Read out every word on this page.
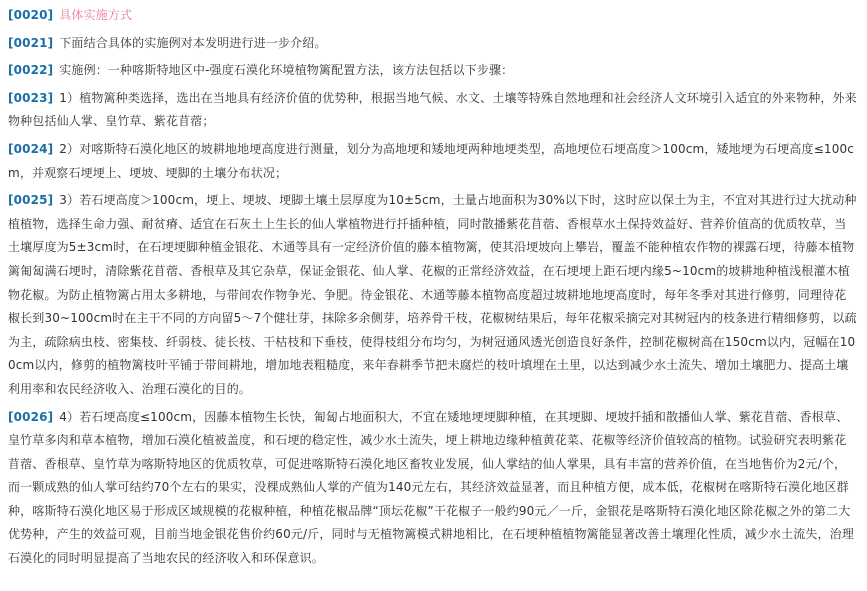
[0020] 具体实施方式

[0021] 下面结合具体的实施例对本发明进行进一步介绍。

[0022] 实施例：一种喀斯特地区中-强度石漠化环境植物篱配置方法，该方法包括以下步骤：

[0023] 1）植物篱种类选择，选出在当地具有经济价值的优势种，根据当地气候、水文、土壤等特殊自然地理和社会经济人文环境引入适宜的外来物种，外来物种包括仙人掌、皇竹草、紫花苜蓿；

[0024] 2）对喀斯特石漠化地区的坡耕地地埂高度进行测量，划分为高地埂和矮地埂两种地埂类型，高地埂位石埂高度＞100cm，矮地埂为石埂高度≤100cm，并观察石埂埂上、埂坡、埂脚的土壤分布状况；

[0025] 3）若石埂高度＞100cm，埂上、埂坡、埂脚土壤土层厚度为10±5cm，土量占地面积为30%以下时，这时应以保土为主，不宜对其进行过大扰动种植植物，选择生命力强、耐贫瘠、适宜在石灰土上生长的仙人掌植物进行扦插种植，同时散播紫花苜蓿、香根草水土保持效益好、营养价值高的优质牧草，当土壤厚度为5±3cm时，在石埂埂脚种植金银花、木通等具有一定经济价值的藤本植物篱，使其沿埂坡向上攀岩，覆盖不能种植农作物的裸露石埂，待藤本植物篱匍匐满石埂时，清除紫花苜蓿、香根草及其它杂草，保证金银花、仙人掌、花椒的正常经济效益，在石埂埂上距石埂内缘5~10cm的坡耕地种植浅根灌木植物花椒。为防止植物篱占用太多耕地，与带间农作物争光、争肥。待金银花、木通等藤本植物高度超过坡耕地地埂高度时，每年冬季对其进行修剪，同理待花椒长到30~100cm时在主干不同的方向留5～7个健壮芽，抹除多余侧芽，培养骨干枝，花椒树结果后，每年花椒采摘完对其树冠内的枝条进行精细修剪，以疏为主，疏除病虫枝、密集枝、纤弱枝、徒长枝、干枯枝和下垂枝，使得枝组分布均匀，为树冠通风透光创造良好条件，控制花椒树高在150cm以内，冠幅在100cm以内，修剪的植物篱枝叶平铺于带间耕地，增加地表粗糙度，来年春耕季节把未腐烂的枝叶填埋在土里，以达到减少水土流失、增加土壤肥力、提高土壤利用率和农民经济收入、治理石漠化的目的。

[0026] 4）若石埂高度≤100cm，因藤本植物生长快，匍匐占地面积大，不宜在矮地埂埂脚种植，在其埂脚、埂坡扦插和散播仙人掌、紫花苜蓿、香根草、皇竹草多肉和草本植物，增加石漠化植被盖度，和石埂的稳定性，减少水土流失，埂上耕地边缘种植黄花菜、花椒等经济价值较高的植物。试验研究表明紫花苜蓿、香根草、皇竹草为喀斯特地区的优质牧草，可促进喀斯特石漠化地区畜牧业发展，仙人掌结的仙人掌果，具有丰富的营养价值，在当地售价为2元/个，而一颗成熟的仙人掌可结约70个左右的果实，没棵成熟仙人掌的产值为140元左右，其经济效益显著，而且种植方便，成本低，花椒树在喀斯特石漠化地区群种，喀斯特石漠化地区易于形成区域规模的花椒种植，种植花椒品牌“顶坛花椒”干花椒子一般约90元／一斤，金银花是喀斯特石漠化地区除花椒之外的第二大优势种，产生的效益可观，目前当地金银花售价约60元/斤，同时与无植物篱模式耕地相比，在石埂种植植物篱能显著改善土壤理化性质，减少水土流失，治理石漠化的同时明显提高了当地农民的经济收入和环保意识。
